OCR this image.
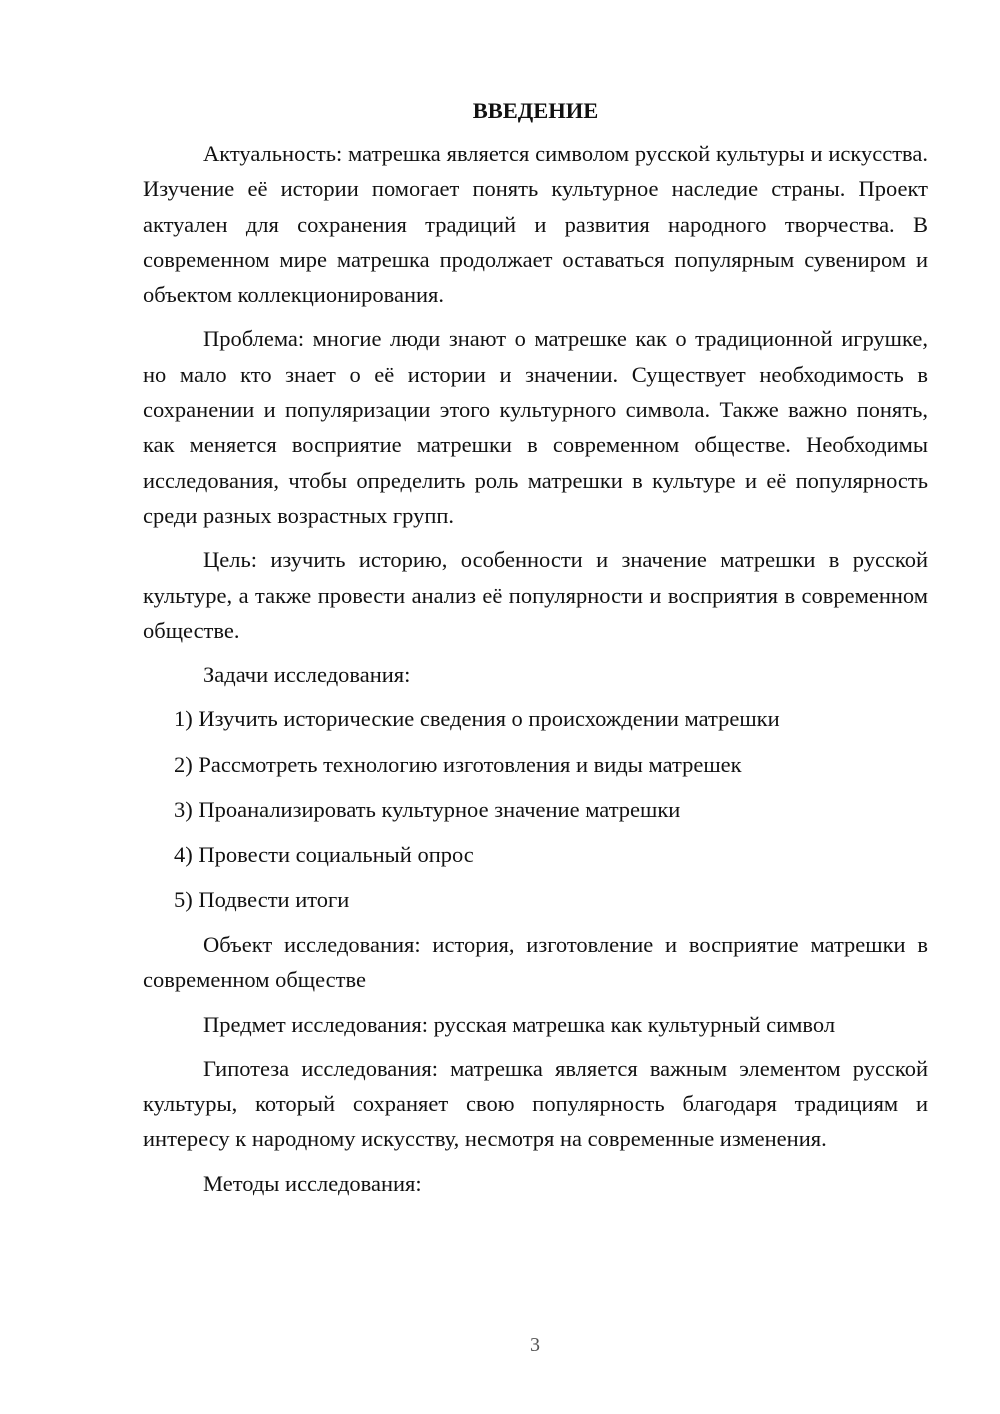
ВВЕДЕНИЕ

Актуальность: матрешка является символом русской культуры и искусства. Изучение её истории помогает понять культурное наследие страны. Проект актуален для сохранения традиций и развития народного творчества. В современном мире матрешка продолжает оставаться популярным сувениром и объектом коллекционирования.

Проблема: многие люди знают о матрешке как о традиционной игрушке, но мало кто знает о её истории и значении. Существует необходимость в сохранении и популяризации этого культурного символа. Также важно понять, как меняется восприятие матрешки в современном обществе. Необходимы исследования, чтобы определить роль матрешки в культуре и её популярность среди разных возрастных групп.

Цель: изучить историю, особенности и значение матрешки в русской культуре, а также провести анализ её популярности и восприятия в современном обществе.

Задачи исследования:

1) Изучить исторические сведения о происхождении матрешки
2) Рассмотреть технологию изготовления и виды матрешек
3) Проанализировать культурное значение матрешки
4) Провести социальный опрос
5) Подвести итоги

Объект исследования: история, изготовление и восприятие матрешки в современном обществе

Предмет исследования: русская матрешка как культурный символ

Гипотеза исследования: матрешка является важным элементом русской культуры, который сохраняет свою популярность благодаря традициям и интересу к народному искусству, несмотря на современные изменения.

Методы исследования:

3
